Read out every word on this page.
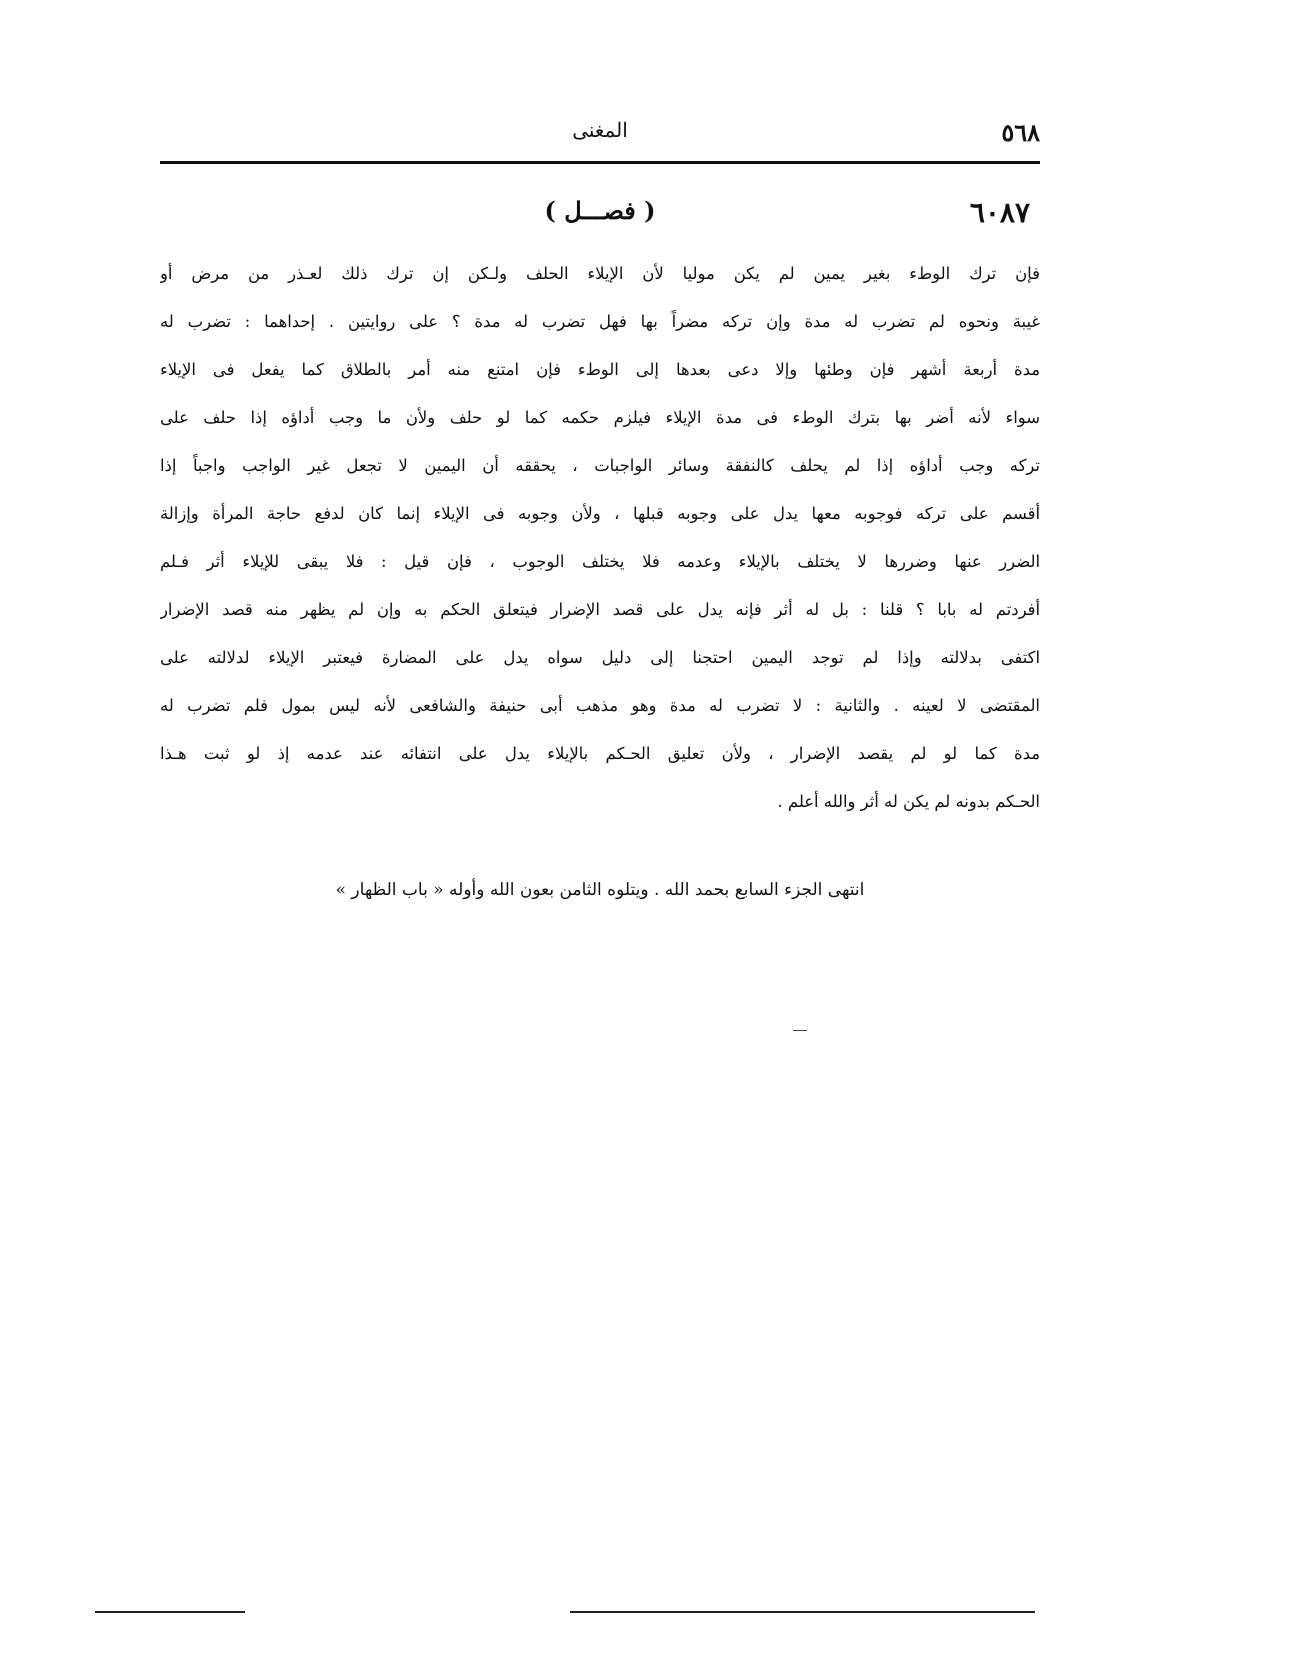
٥٦٨
المغنى
٦٠٨٧
( فصـــل )
فإن ترك الوطء بغير يمين لم يكن موليا لأن الإيلاء الحلف ولـكن إن ترك ذلك لعـذر من مرض أو
غيبة ونحوه لم تضرب له مدة وإن تركه مضراً بها فهل تضرب له مدة ؟ على روايتين . إحداهما : تضرب له
مدة أربعة أشهر فإن وطئها وإلا دعى بعدها إلى الوطء فإن امتنع منه أمر بالطلاق كما يفعل فى الإيلاء
سواء لأنه أضر بها بترك الوطء فى مدة الإيلاء فيلزم حكمه كما لو حلف ولأن ما وجب أداؤه إذا حلف على
تركه وجب أداؤه إذا لم يحلف كالنفقة وسائر الواجبات ، يحققه أن اليمين لا تجعل غير الواجب واجباً إذا
أقسم على تركه فوجوبه معها يدل على وجوبه قبلها ، ولأن وجوبه فى الإيلاء إنما كان لدفع حاجة المرأة وإزالة
الضرر عنها وضررها لا يختلف بالإيلاء وعدمه فلا يختلف الوجوب ، فإن قيل : فلا يبقى للإيلاء أثر فـلم
أفردتم له بابا ؟ قلنا : بل له أثر فإنه يدل على قصد الإضرار فيتعلق الحكم به وإن لم يظهر منه قصد الإضرار
اكتفى بدلالته وإذا لم توجد اليمين احتجنا إلى دليل سواه يدل على المضارة فيعتبر الإيلاء لدلالته على
المقتضى لا لعينه . والثانية : لا تضرب له مدة وهو مذهب أبى حنيفة والشافعى لأنه ليس بمول فلم تضرب له
مدة كما لو لم يقصد الإضرار ، ولأن تعليق الحـكم بالإيلاء يدل على انتفائه عند عدمه إذ لو ثبت هـذا
الحـكم بدونه لم يكن له أثر والله أعلم .
انتهى الجزء السابع بحمد الله . ويتلوه الثامن بعون الله وأوله « باب الظهار »
